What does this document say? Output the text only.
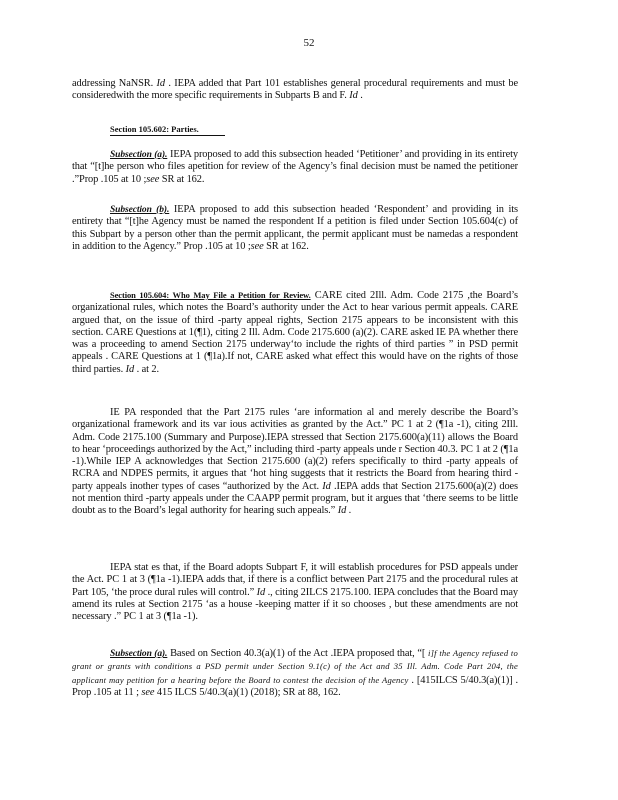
52
addressing NaNSR. Id . IEPA added that Part 101 establishes general procedural requirements and must be consideredwith the more specific requirements in Subparts B and F. Id .
Section 105.602: Parties.
Subsection (a). IEPA proposed to add this subsection headed ‘Petitioner’ and providing in its entirety that “[t]he person who files apetition for review of the Agency’s final decision must be named the petitioner .”Prop .105 at 10 ;see SR at 162.
Subsection (b). IEPA proposed to add this subsection headed ‘Respondent’ and providing in its entirety that “[t]he Agency must be named the respondent If a petition is filed under Section 105.604(c) of this Subpart by a person other than the permit applicant, the permit applicant must be namedas a respondent in addition to the Agency.” Prop .105 at 10 ;see SR at 162.
Section 105.604: Who May File a Petition for Review. CARE cited 2Ill. Adm. Code 2175 ,the Board’s organizational rules, which notes the Board’s authority under the Act to hear various permit appeals. CARE argued that, on the issue of third -party appeal rights, Section 2175 appears to be inconsistent with this section. CARE Questions at 1(¶1), citing 2 Ill. Adm. Code 2175.600 (a)(2). CARE asked IE PA whether there was a proceeding to amend Section 2175 underway‘to include the rights of third parties ” in PSD permit appeals . CARE Questions at 1 (¶1a).If not, CARE asked what effect this would have on the rights of those third parties. Id . at 2.
IE PA responded that the Part 2175 rules ‘are information al and merely describe the Board’s organizational framework and its var ious activities as granted by the Act.” PC 1 at 2 (¶1a -1), citing 2Ill. Adm. Code 2175.100 (Summary and Purpose).IEPA stressed that Section 2175.600(a)(11) allows the Board to hear ‘proceedings authorized by the Act,” including third -party appeals unde r Section 40.3. PC 1 at 2 (¶1a -1).While IEP A acknowledges that Section 2175.600 (a)(2) refers specifically to third -party appeals of RCRA and NDPES permits, it argues that ‘hot hing suggests that it restricts the Board from hearing third -party appeals inother types of cases “authorized by the Act. Id .IEPA adds that Section 2175.600(a)(2) does not mention third -party appeals under the CAAPP permit program, but it argues that ‘there seems to be little doubt as to the Board’s legal authority for hearing such appeals.” Id .
IEPA stat es that, if the Board adopts Subpart F, it will establish procedures for PSD appeals under the Act. PC 1 at 3 (¶1a -1).IEPA adds that, if there is a conflict between Part 2175 and the procedural rules at Part 105, ‘the proce dural rules will control.” Id ., citing 2ILCS 2175.100. IEPA concludes that the Board may amend its rules at Section 2175 ‘as a house -keeping matter if it so chooses , but these amendments are not necessary .” PC 1 at 3 (¶1a -1).
Subsection (a). Based on Section 40.3(a)(1) of the Act .IEPA proposed that, “[ i]f the Agency refused to grant or grants with conditions a PSD permit under Section 9.1(c) of the Act and 35 Ill. Adm. Code Part 204, the applicant may petition for a hearing before the Board to contest the decision of the Agency . [415ILCS 5/40.3(a)(1)] . Prop .105 at 11 ; see 415 ILCS 5/40.3(a)(1) (2018); SR at 88, 162.
